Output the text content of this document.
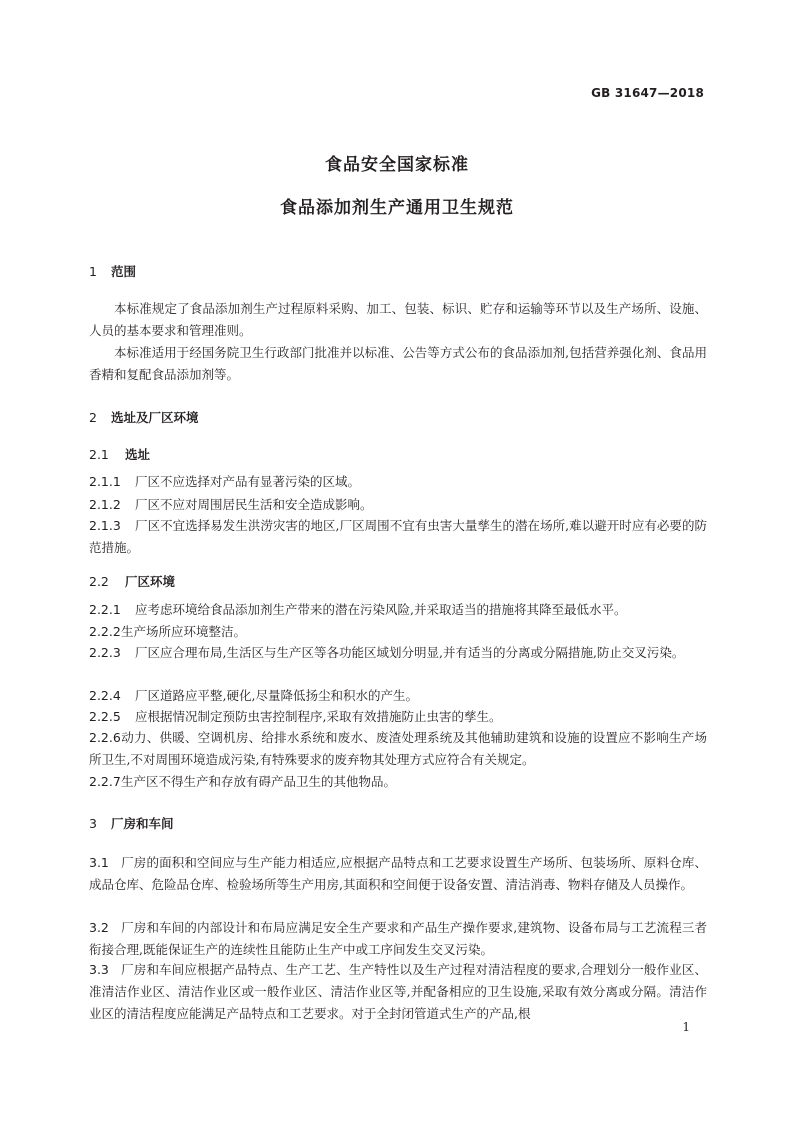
GB 31647—2018
食品安全国家标准
食品添加剂生产通用卫生规范
1 范围
本标准规定了食品添加剂生产过程原料采购、加工、包装、标识、贮存和运输等环节以及生产场所、设施、人员的基本要求和管理准则。
本标准适用于经国务院卫生行政部门批准并以标准、公告等方式公布的食品添加剂,包括营养强化剂、食品用香精和复配食品添加剂等。
2 选址及厂区环境
2.1 选址
2.1.1 厂区不应选择对产品有显著污染的区域。
2.1.2 厂区不应对周围居民生活和安全造成影响。
2.1.3 厂区不宜选择易发生洪涝灾害的地区,厂区周围不宜有虫害大量孳生的潜在场所,难以避开时应有必要的防范措施。
2.2 厂区环境
2.2.1 应考虑环境给食品添加剂生产带来的潜在污染风险,并采取适当的措施将其降至最低水平。
2.2.2生产场所应环境整洁。
2.2.3 厂区应合理布局,生活区与生产区等各功能区域划分明显,并有适当的分离或分隔措施,防止交叉污染。
2.2.4 厂区道路应平整,硬化,尽量降低扬尘和积水的产生。
2.2.5 应根据情况制定预防虫害控制程序,采取有效措施防止虫害的孳生。
2.2.6动力、供暖、空调机房、给排水系统和废水、废渣处理系统及其他辅助建筑和设施的设置应不影响生产场所卫生,不对周围环境造成污染,有特殊要求的废弃物其处理方式应符合有关规定。
2.2.7生产区不得生产和存放有碍产品卫生的其他物品。
3 厂房和车间
3.1 厂房的面积和空间应与生产能力相适应,应根据产品特点和工艺要求设置生产场所、包装场所、原料仓库、成品仓库、危险品仓库、检验场所等生产用房,其面积和空间便于设备安置、清洁消毒、物料存储及人员操作。
3.2 厂房和车间的内部设计和布局应满足安全生产要求和产品生产操作要求,建筑物、设备布局与工艺流程三者衔接合理,既能保证生产的连续性且能防止生产中或工序间发生交叉污染。
3.3 厂房和车间应根据产品特点、生产工艺、生产特性以及生产过程对清洁程度的要求,合理划分一般作业区、准清洁作业区、清洁作业区或一般作业区、清洁作业区等,并配备相应的卫生设施,采取有效分离或分隔。清洁作业区的清洁程度应能满足产品特点和工艺要求。对于全封闭管道式生产的产品,根
1
